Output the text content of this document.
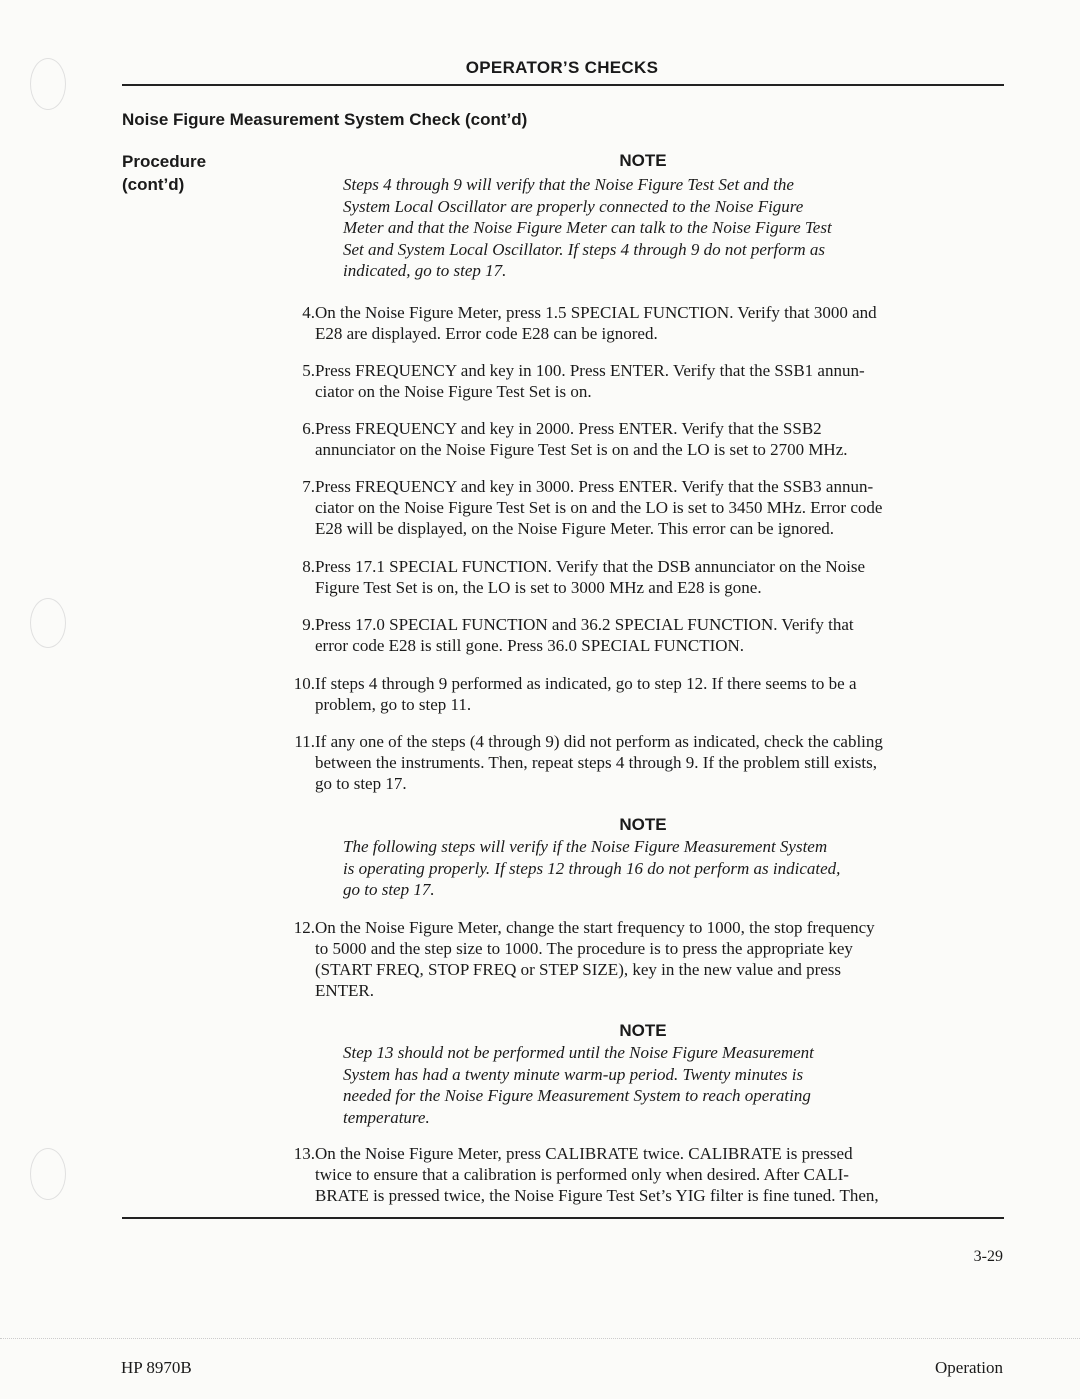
OPERATOR’S CHECKS
Noise Figure Measurement System Check (cont’d)
Procedure
(cont’d)
NOTE
Steps 4 through 9 will verify that the Noise Figure Test Set and the
System Local Oscillator are properly connected to the Noise Figure
Meter and that the Noise Figure Meter can talk to the Noise Figure Test
Set and System Local Oscillator. If steps 4 through 9 do not perform as
indicated, go to step 17.
4. On the Noise Figure Meter, press 1.5 SPECIAL FUNCTION. Verify that 3000 and
E28 are displayed. Error code E28 can be ignored.
5. Press FREQUENCY and key in 100. Press ENTER. Verify that the SSB1 annun-
ciator on the Noise Figure Test Set is on.
6. Press FREQUENCY and key in 2000. Press ENTER. Verify that the SSB2
annunciator on the Noise Figure Test Set is on and the LO is set to 2700 MHz.
7. Press FREQUENCY and key in 3000. Press ENTER. Verify that the SSB3 annun-
ciator on the Noise Figure Test Set is on and the LO is set to 3450 MHz. Error code
E28 will be displayed, on the Noise Figure Meter. This error can be ignored.
8. Press 17.1 SPECIAL FUNCTION. Verify that the DSB annunciator on the Noise
Figure Test Set is on, the LO is set to 3000 MHz and E28 is gone.
9. Press 17.0 SPECIAL FUNCTION and 36.2 SPECIAL FUNCTION. Verify that
error code E28 is still gone. Press 36.0 SPECIAL FUNCTION.
10. If steps 4 through 9 performed as indicated, go to step 12. If there seems to be a
problem, go to step 11.
11. If any one of the steps (4 through 9) did not perform as indicated, check the cabling
between the instruments. Then, repeat steps 4 through 9. If the problem still exists,
go to step 17.
NOTE
The following steps will verify if the Noise Figure Measurement System
is operating properly. If steps 12 through 16 do not perform as indicated,
go to step 17.
12. On the Noise Figure Meter, change the start frequency to 1000, the stop frequency
to 5000 and the step size to 1000. The procedure is to press the appropriate key
(START FREQ, STOP FREQ or STEP SIZE), key in the new value and press
ENTER.
NOTE
Step 13 should not be performed until the Noise Figure Measurement
System has had a twenty minute warm-up period. Twenty minutes is
needed for the Noise Figure Measurement System to reach operating
temperature.
13. On the Noise Figure Meter, press CALIBRATE twice. CALIBRATE is pressed
twice to ensure that a calibration is performed only when desired. After CALI-
BRATE is pressed twice, the Noise Figure Test Set’s YIG filter is fine tuned. Then,
3-29
HP 8970B	Operation
